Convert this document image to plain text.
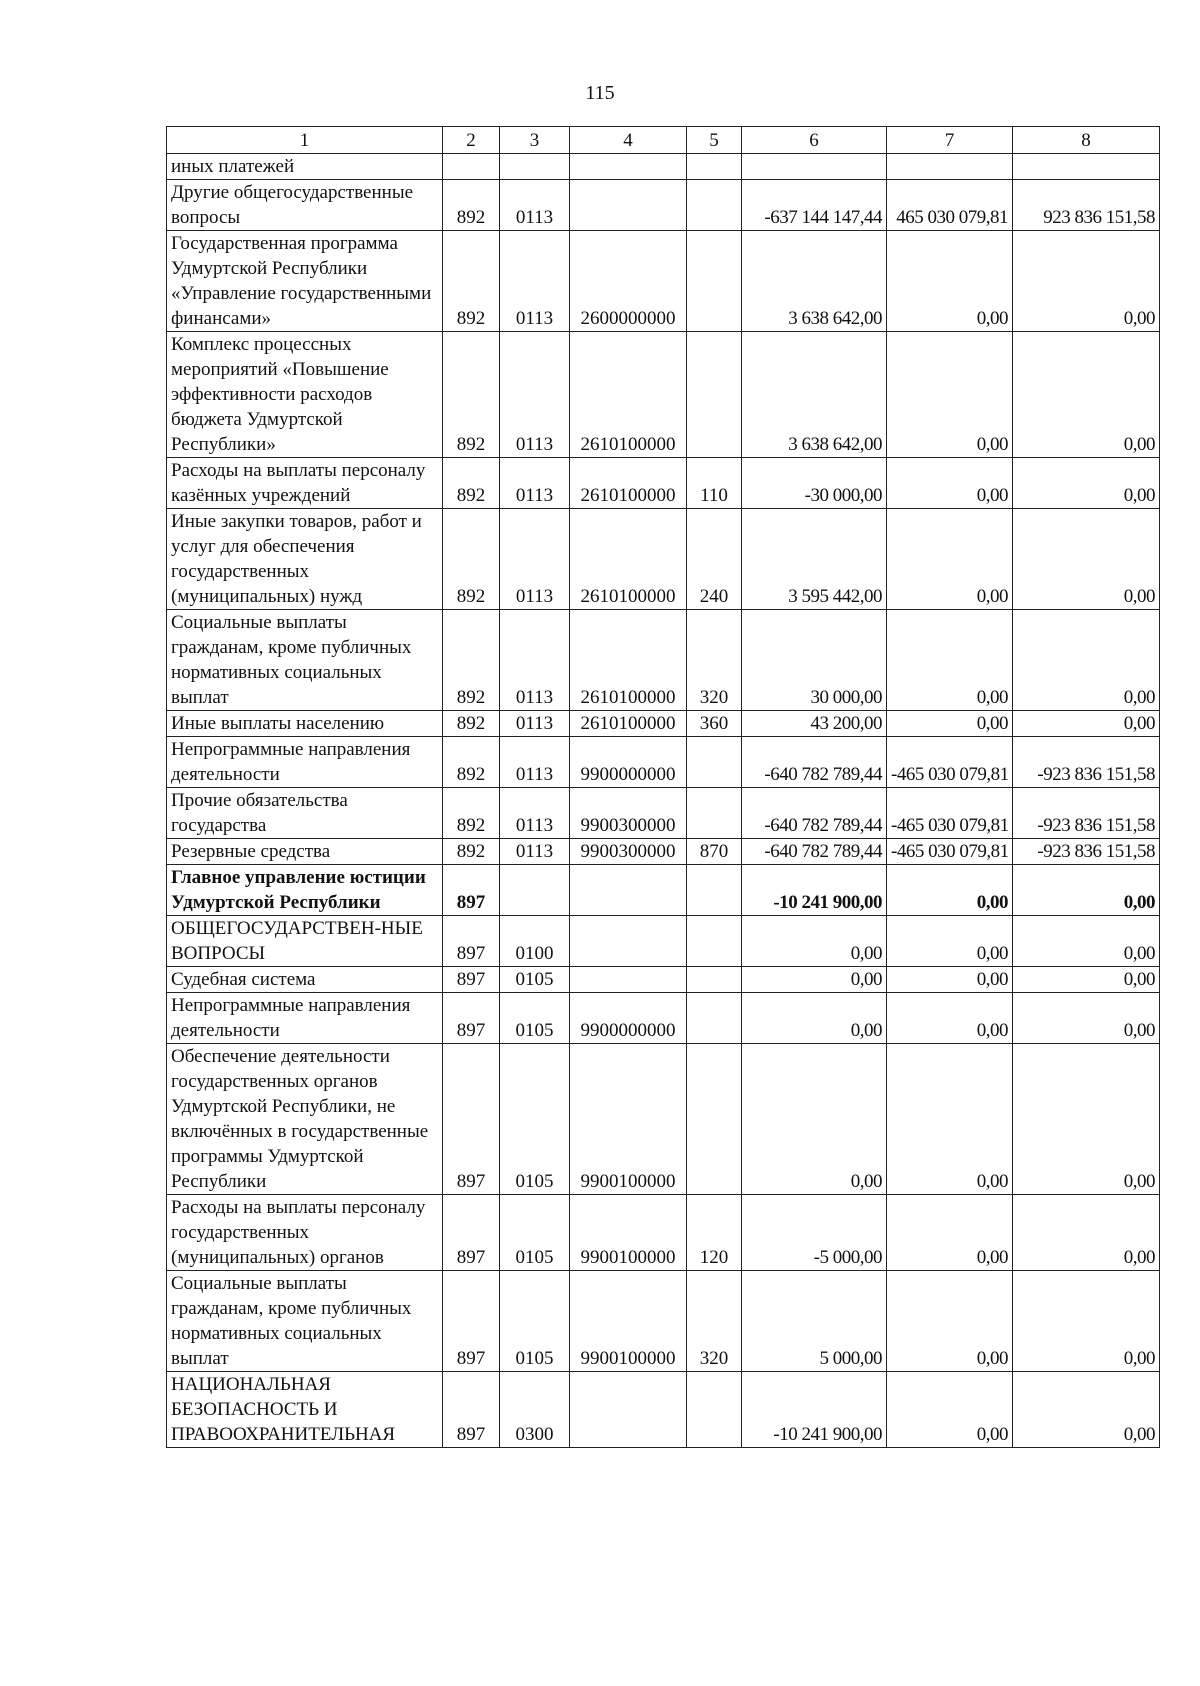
115
1	2	3	4	5	6	7	8
иных платежей							
Другие общегосударственные вопросы	892	0113			-637 144 147,44	465 030 079,81	923 836 151,58
Государственная программа Удмуртской Республики «Управление государственными финансами»	892	0113	2600000000		3 638 642,00	0,00	0,00
Комплекс процессных мероприятий «Повышение эффективности расходов бюджета Удмуртской Республики»	892	0113	2610100000		3 638 642,00	0,00	0,00
Расходы на выплаты персоналу казённых учреждений	892	0113	2610100000	110	-30 000,00	0,00	0,00
Иные закупки товаров, работ и услуг для обеспечения государственных (муниципальных) нужд	892	0113	2610100000	240	3 595 442,00	0,00	0,00
Социальные выплаты гражданам, кроме публичных нормативных социальных выплат	892	0113	2610100000	320	30 000,00	0,00	0,00
Иные выплаты населению	892	0113	2610100000	360	43 200,00	0,00	0,00
Непрограммные направления деятельности	892	0113	9900000000		-640 782 789,44	-465 030 079,81	-923 836 151,58
Прочие обязательства государства	892	0113	9900300000		-640 782 789,44	-465 030 079,81	-923 836 151,58
Резервные средства	892	0113	9900300000	870	-640 782 789,44	-465 030 079,81	-923 836 151,58
Главное управление юстиции Удмуртской Республики	897				-10 241 900,00	0,00	0,00
ОБЩЕГОСУДАРСТВЕН-НЫЕ ВОПРОСЫ	897	0100			0,00	0,00	0,00
Судебная система	897	0105			0,00	0,00	0,00
Непрограммные направления деятельности	897	0105	9900000000		0,00	0,00	0,00
Обеспечение деятельности государственных органов Удмуртской Республики, не включённых в государственные программы Удмуртской Республики	897	0105	9900100000		0,00	0,00	0,00
Расходы на выплаты персоналу государственных (муниципальных) органов	897	0105	9900100000	120	-5 000,00	0,00	0,00
Социальные выплаты гражданам, кроме публичных нормативных социальных выплат	897	0105	9900100000	320	5 000,00	0,00	0,00
НАЦИОНАЛЬНАЯ БЕЗОПАСНОСТЬ И ПРАВООХРАНИТЕЛЬНАЯ	897	0300			-10 241 900,00	0,00	0,00
